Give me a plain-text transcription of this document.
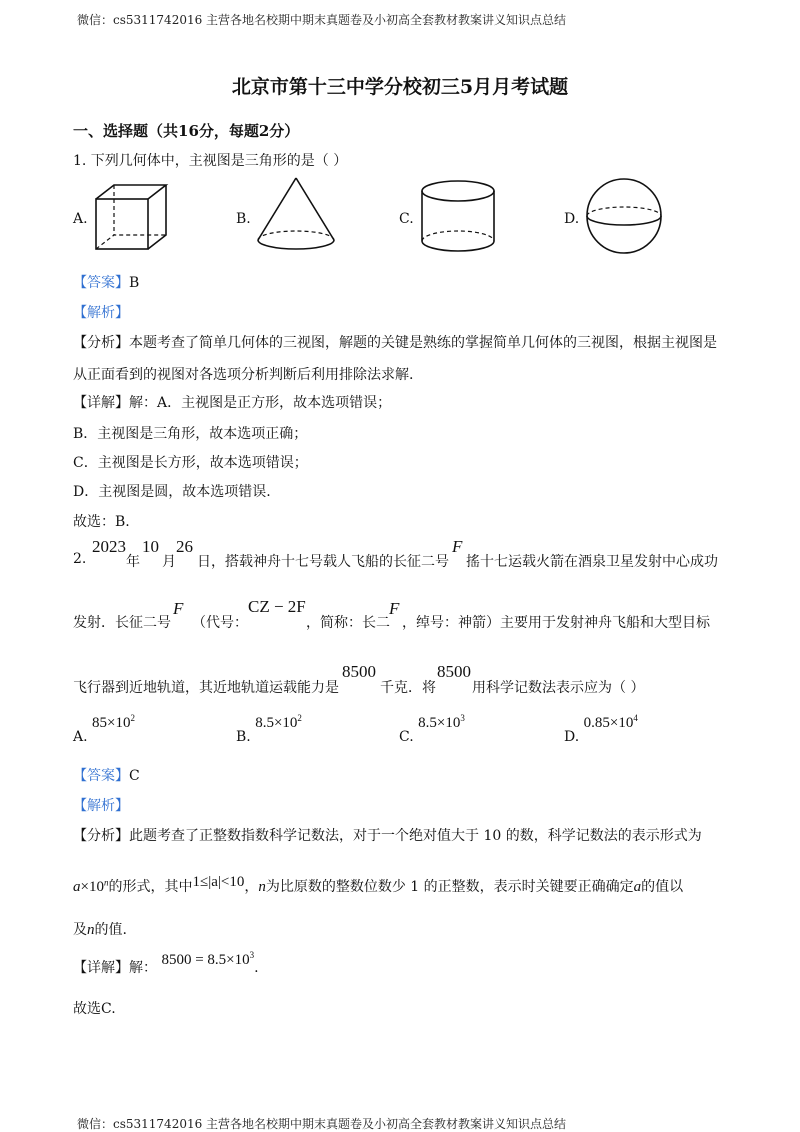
微信：cs5311742016 主营各地名校期中期末真题卷及小初高全套教材教案讲义知识点总结
微信：cs5311742016 主营各地名校期中期末真题卷及小初高全套教材教案讲义知识点总结
北京市第十三中学分校初三5月月考试题
一、选择题（共16分，每题2分）
1. 下列几何体中，主视图是三角形的是（ ）
A.	B.	C.	D.
【答案】B
【解析】
【分析】本题考查了简单几何体的三视图，解题的关键是熟练的掌握简单几何体的三视图，根据主视图是
从正面看到的视图对各选项分析判断后利用排除法求解.
【详解】解：A．主视图是正方形，故本选项错误；
B．主视图是三角形，故本选项正确；
C．主视图是长方形，故本选项错误；
D．主视图是圆，故本选项错误.
故选：B.
2.
2023
年
10
月
26
日，搭载神舟十七号载人飞船的长征二号
F
搖十七运载火箭在酒泉卫星发射中心成功
发射．长征二号
F
（代号：
CZ − 2F
，简称：长二
F
，绰号：神箭）主要用于发射神舟飞船和大型目标
飞行器到近地轨道，其近地轨道运载能力是
8500
千克．将
8500
用科学记数法表示应为（ ）
A. $85\times 10^2$
B. $8.5\times 10^2$
C. $8.5\times 10^3$
D. $0.85\times 10^4$
【答案】C
【解析】
【分析】此题考查了正整数指数科学记数法，对于一个绝对值大于 10 的数，科学记数法的表示形式为
$a\times 10^n$的形式，其中1≤|a|<10，n为比原数的整数位数少 1 的正整数，表示时关键要正确确定a的值以
及n的值.
【详解】解： $8500 = 8.5\times 10^3$.
故选C.
